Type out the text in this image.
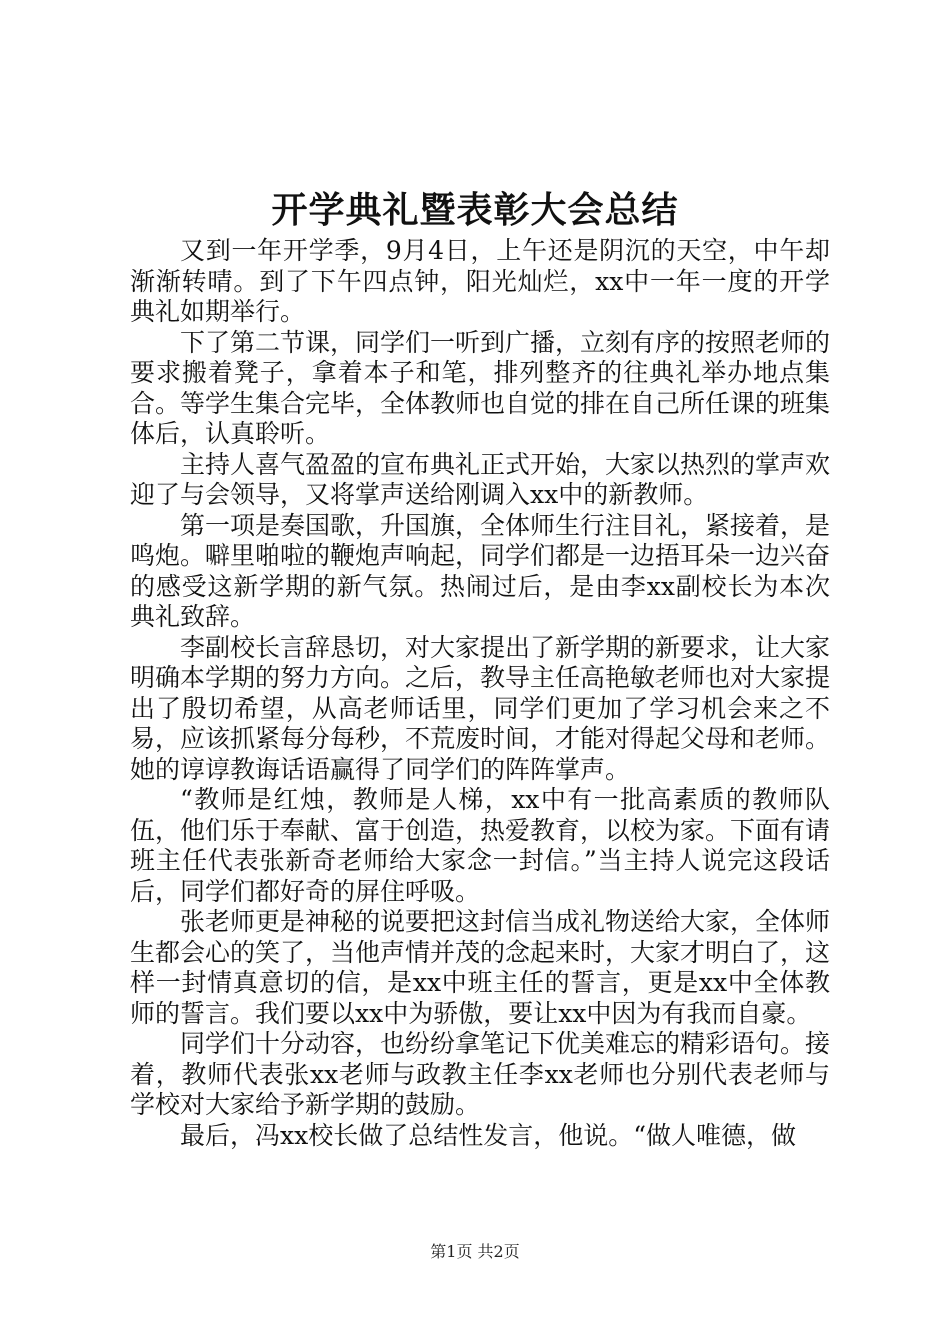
开学典礼暨表彰大会总结

又到一年开学季，9月4日，上午还是阴沉的天空，中午却渐渐转晴。到了下午四点钟，阳光灿烂，xx中一年一度的开学典礼如期举行。

下了第二节课，同学们一听到广播，立刻有序的按照老师的要求搬着凳子，拿着本子和笔，排列整齐的往典礼举办地点集合。等学生集合完毕，全体教师也自觉的排在自己所任课的班集体后，认真聆听。

主持人喜气盈盈的宣布典礼正式开始，大家以热烈的掌声欢迎了与会领导，又将掌声送给刚调入xx中的新教师。

第一项是奏国歌，升国旗，全体师生行注目礼，紧接着，是鸣炮。噼里啪啦的鞭炮声响起，同学们都是一边捂耳朵一边兴奋的感受这新学期的新气氛。热闹过后，是由李xx副校长为本次典礼致辞。

李副校长言辞恳切，对大家提出了新学期的新要求，让大家明确本学期的努力方向。之后，教导主任高艳敏老师也对大家提出了殷切希望，从高老师话里，同学们更加了学习机会来之不易，应该抓紧每分每秒，不荒废时间，才能对得起父母和老师。她的谆谆教诲话语赢得了同学们的阵阵掌声。

“教师是红烛，教师是人梯，xx中有一批高素质的教师队伍，他们乐于奉献、富于创造，热爱教育，以校为家。下面有请班主任代表张新奇老师给大家念一封信。”当主持人说完这段话后，同学们都好奇的屏住呼吸。

张老师更是神秘的说要把这封信当成礼物送给大家，全体师生都会心的笑了，当他声情并茂的念起来时，大家才明白了，这样一封情真意切的信，是xx中班主任的誓言，更是xx中全体教师的誓言。我们要以xx中为骄傲，要让xx中因为有我而自豪。

同学们十分动容，也纷纷拿笔记下优美难忘的精彩语句。接着，教师代表张xx老师与政教主任李xx老师也分别代表老师与学校对大家给予新学期的鼓励。

最后，冯xx校长做了总结性发言，他说。“做人唯德，做

第1页 共2页
